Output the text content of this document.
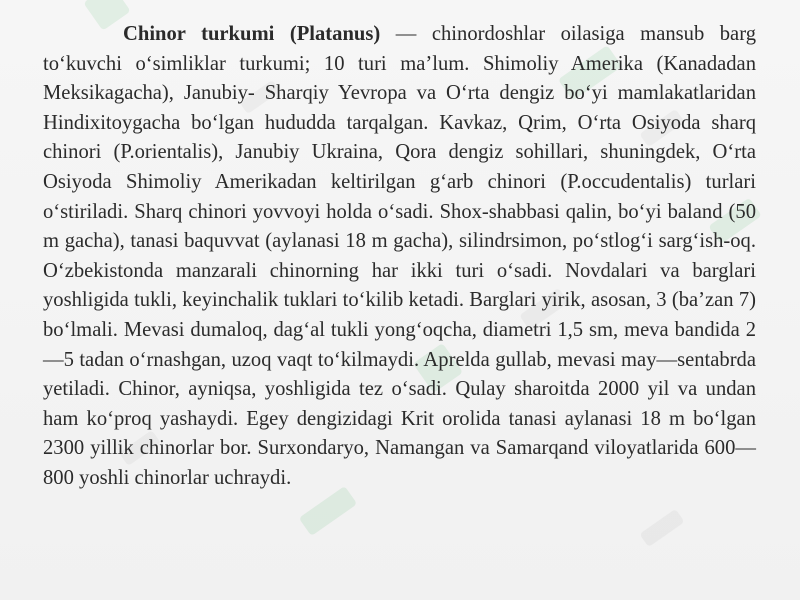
Chinor turkumi (Platanus) — chinordoshlar oilasiga mansub barg to‘kuvchi o‘simliklar turkumi; 10 turi ma’lum. Shimoliy Amerika (Kanadadan Meksikagacha), Janubiy- Sharqiy Yevropa va O‘rta dengiz bo‘yi mamlakatlaridan Hindixitoygacha bo‘lgan hududda tarqalgan. Kavkaz, Qrim, O‘rta Osiyoda sharq chinori (P.orientalis), Janubiy Ukraina, Qora dengiz sohillari, shuningdek, O‘rta Osiyoda Shimoliy Amerikadan keltirilgan g‘arb chinori (P.occudentalis) turlari o‘stiriladi. Sharq chinori yovvoyi holda o‘sadi. Shox-shabbasi qalin, bo‘yi baland (50 m gacha), tanasi baquvvat (aylanasi 18 m gacha), silindrsimon, po‘stlog‘i sarg‘ish-oq. O‘zbekistonda manzarali chinorning har ikki turi o‘sadi. Novdalari va barglari yoshligida tukli, keyinchalik tuklari to‘kilib ketadi. Barglari yirik, asosan, 3 (ba’zan 7) bo‘lmali. Mevasi dumaloq, dag‘al tukli yong‘oqcha, diametri 1,5 sm, meva bandida 2—5 tadan o‘rnashgan, uzoq vaqt to‘kilmaydi. Aprelda gullab, mevasi may—sentabrda yetiladi. Chinor, ayniqsa, yoshligida tez o‘sadi. Qulay sharoitda 2000 yil va undan ham ko‘proq yashaydi. Egey dengizidagi Krit orolida tanasi aylanasi 18 m bo‘lgan 2300 yillik chinorlar bor. Surxondaryo, Namangan va Samarqand viloyatlarida 600—800 yoshli chinorlar uchraydi.
